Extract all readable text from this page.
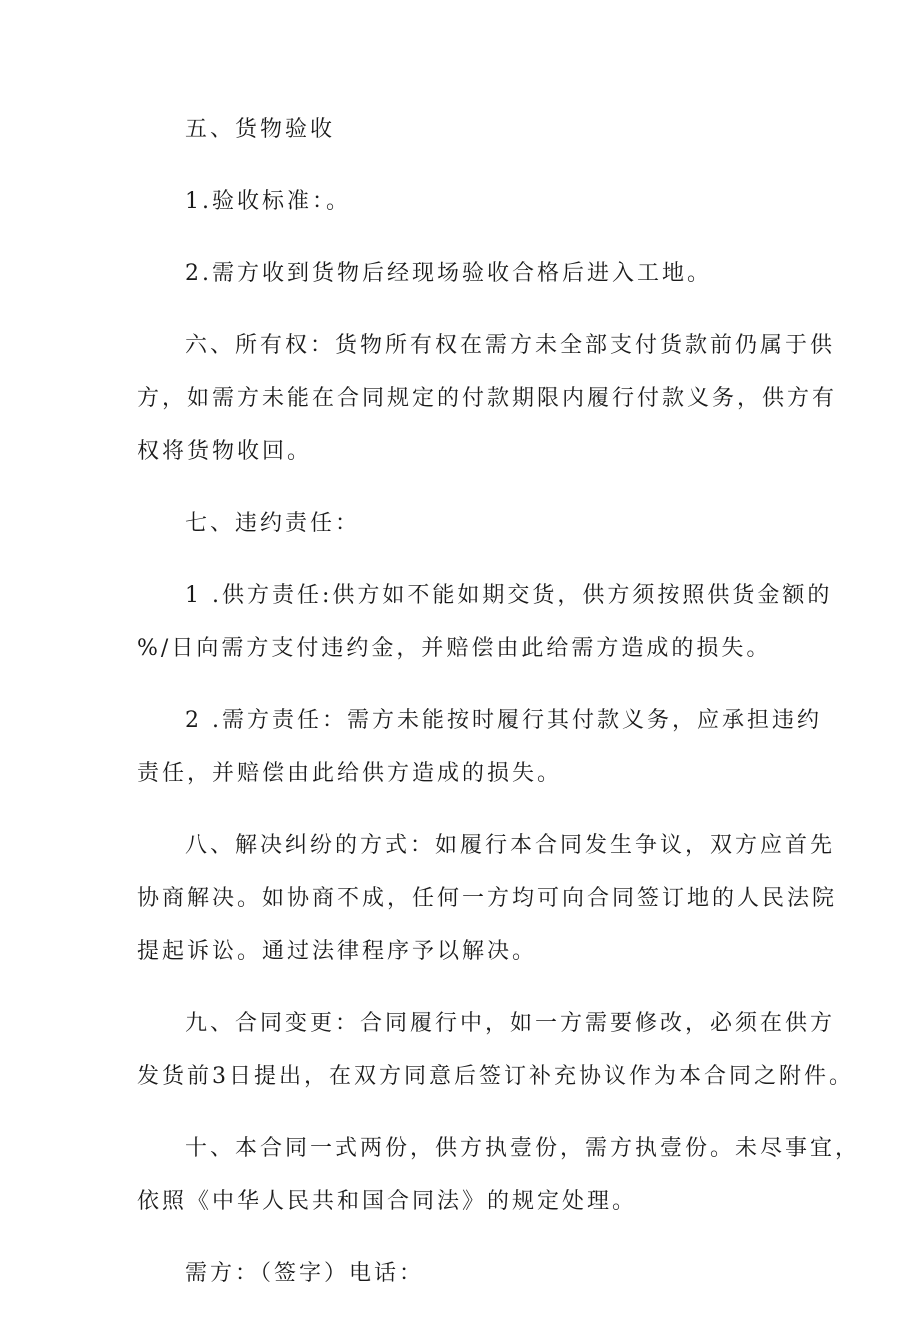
五、货物验收
1.验收标准：。
2.需方收到货物后经现场验收合格后进入工地。
六、所有权：货物所有权在需方未全部支付货款前仍属于供
方，如需方未能在合同规定的付款期限内履行付款义务，供方有
权将货物收回。
七、违约责任：
1 .供方责任:供方如不能如期交货，供方须按照供货金额的
%/日向需方支付违约金，并赔偿由此给需方造成的损失。
2 .需方责任：需方未能按时履行其付款义务，应承担违约
责任，并赔偿由此给供方造成的损失。
八、解决纠纷的方式：如履行本合同发生争议，双方应首先
协商解决。如协商不成，任何一方均可向合同签订地的人民法院
提起诉讼。通过法律程序予以解决。
九、合同变更：合同履行中，如一方需要修改，必须在供方
发货前3日提出，在双方同意后签订补充协议作为本合同之附件。
十、本合同一式两份，供方执壹份，需方执壹份。未尽事宜，
依照《中华人民共和国合同法》的规定处理。
需方：（签字）电话：
